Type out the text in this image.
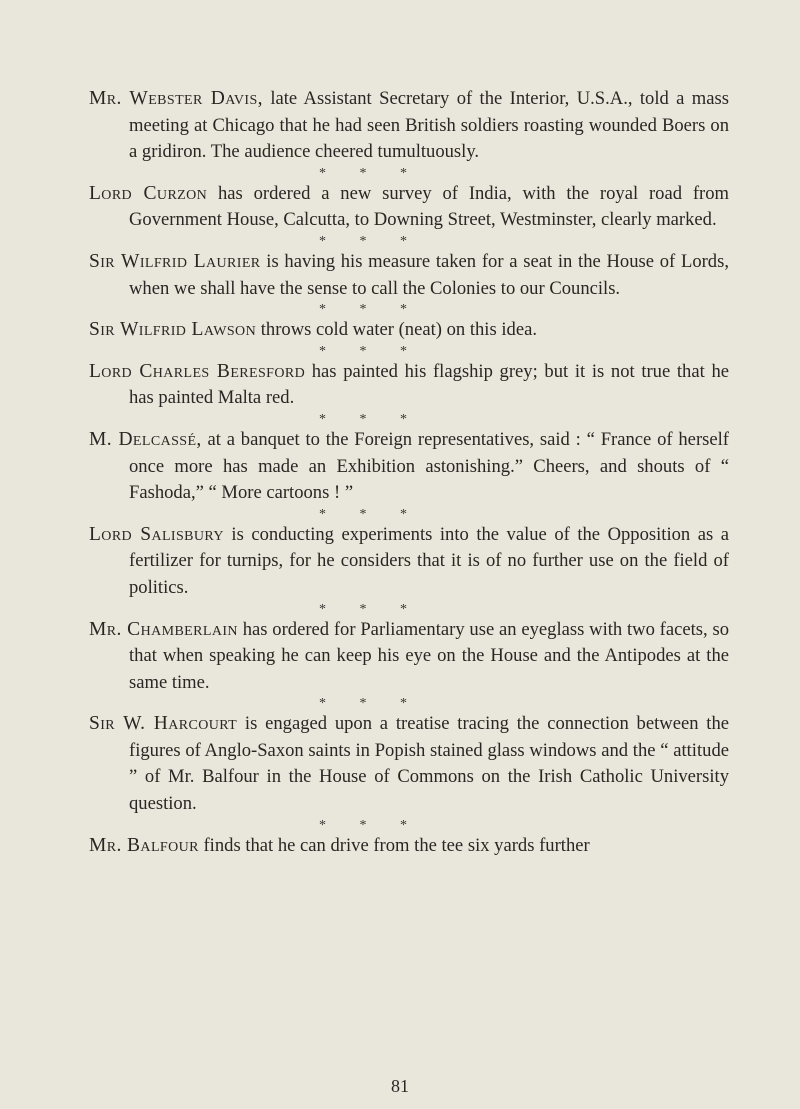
Mr. Webster Davis, late Assistant Secretary of the Interior, U.S.A., told a mass meeting at Chicago that he had seen British soldiers roasting wounded Boers on a gridiron. The audience cheered tumultuously.

* * *

Lord Curzon has ordered a new survey of India, with the royal road from Government House, Calcutta, to Downing Street, Westminster, clearly marked.

* * *

Sir Wilfrid Laurier is having his measure taken for a seat in the House of Lords, when we shall have the sense to call the Colonies to our Councils.

* * *

Sir Wilfrid Lawson throws cold water (neat) on this idea.

* * *

Lord Charles Beresford has painted his flagship grey; but it is not true that he has painted Malta red.

* * *

M. Delcassé, at a banquet to the Foreign representatives, said : “ France of herself once more has made an Exhibition astonishing.” Cheers, and shouts of “ Fashoda,” “ More cartoons ! ”

* * *

Lord Salisbury is conducting experiments into the value of the Opposition as a fertilizer for turnips, for he considers that it is of no further use on the field of politics.

* * *

Mr. Chamberlain has ordered for Parliamentary use an eyeglass with two facets, so that when speaking he can keep his eye on the House and the Antipodes at the same time.

* * *

Sir W. Harcourt is engaged upon a treatise tracing the connection between the figures of Anglo-Saxon saints in Popish stained glass windows and the “ attitude ” of Mr. Balfour in the House of Commons on the Irish Catholic University question.

* * *

Mr. Balfour finds that he can drive from the tee six yards further

81
